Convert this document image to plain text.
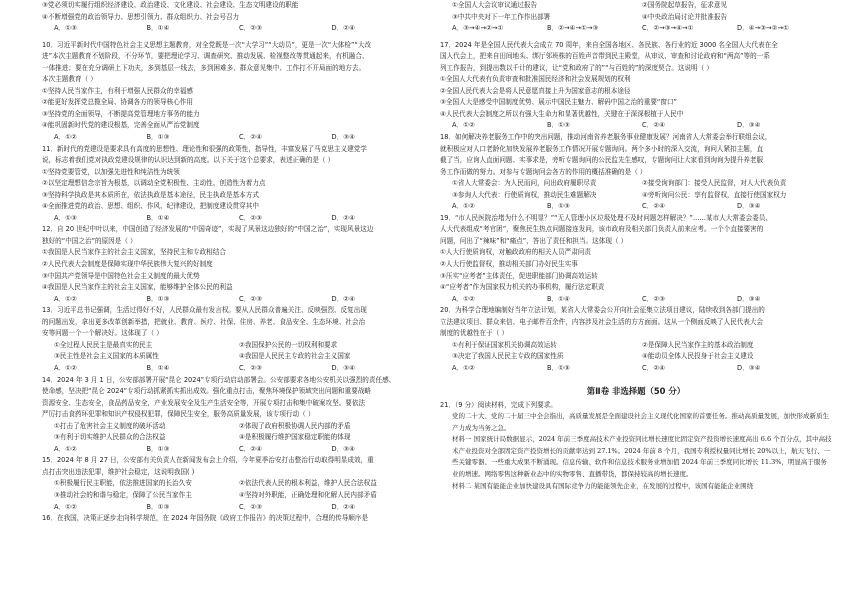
③党必须切实履行组织经济建设、政治建设、文化建设、社会建设、生态文明建设的职能
④不断增强党的政治领导力、思想引领力、群众组织力、社会号召力
A．①③	B．①④	C．②③	D．②④
10．习近平新时代中国特色社会主义思想主题教育，对全党既是一次“大学习”“大动员”，更是一次“大体检”“大改
进”本次主题教育不划阶段，不分环节，要把理论学习、调查研究、推动发展、检视整改等贯通起来，有机融合、
一体推进；要在充分调研上下功夫，多到基层一线去，多到困难多、群众意见集中、工作打不开局面的地方去。
本次主题教育（ ）
①坚持人民当家作主，有利于增强人民群众的幸福感
②能更好发挥党总揽全局、协调各方的领导核心作用
③坚持党的全面领导，不断提高党管理地方事务的能力
④能巩固新时代党的建设根基，完善全面从严治党制度
A．①②	B．①③	C．②④	D．③④
11．新时代的党建设是要求具有高度的思想性、理论性和很强的政策性，指导性，丰富发展了马克思主义建党学
说，标志着我们党对执政党建设规律的认识达到新的高度。以下关于这个总要求，表述正确的是（ ）
①坚持党要管党，以加强先进性和纯洁性为统领
②以坚定理想信念宗旨为根基，以调动全党积极性、主动性、创造性为着力点
③坚持科学执政是其本质所在，依法执政是基本途径，民主执政是基本方式
④全面推进党的政治、思想、组织、作风、纪律建设，把制度建设贯穿其中
A．①③	B．①④	C．②③	D．②④
12．自 20 世纪中叶以来，中国创造了经济发展的“中国奇迹”，实现了风景这边独好的“中国之治”，实现风景这边
独好的“中国之治”的原因是（ ）
①我国是人民当家作主的社会主义国家，坚持民主和专政相结合
②人民代表大会制度是保障实现中华民族伟大复兴的好制度
③中国共产党领导是中国特色社会主义制度的最大优势
④我国是人民当家作主的社会主义国家，能够维护全体公民的利益
A．①②	B．①③	C．②③	D．②④
13．习近平总书记强调，生活过得好不好，人民群众最有发言权。要从人民群众普遍关注、反映强烈、反复出现
的问题出发，拿出更多改革创新举措，把就业、教育、医疗、社保、住房、养老、食品安全、生态环境、社会治
安等问题一个一个解决好。这体现了（ ）
①全过程人民民主是最真实的民主	②我国保护公民的一切权利和要求
③民主性是社会主义国家的本质属性	④我国是人民民主专政的社会主义国家
A．①②	B．①④	C．②③	D．③④
14．2024 年 3 月 1 日，公安部部署开展“昆仑 2024”专项行动启动部署会。公安部要求各地公安机关以强烈的责任感、
使命感，坚决把“昆仑 2024”专项行动抓紧抓实抓出成效。强化重点打击，聚焦环境保护领域突出问题和重要战略
资源安全、生态安全，食品药品安全，产业发展安全及生产生活安全等，开展专项打击和集中破案攻坚。要依法
严厉打击食药环犯罪和知识产权侵权犯罪，保障民生安全，服务高质量发展，该专项行动（ ）
①打击了危害社会主义制度的破坏活动	②体现了政府积极协调人民内部的矛盾
③有利于切实维护人民群众的合法权益	④是积极履行维护国家稳定职能的体现
A．①②	B．①③	C．②④	D．③④
15．2024 年 8 月 27 日，公安部有关负责人在新闻发布会上介绍，今年夏季治安打击整治行动取得明显成效，重
点打击突出违法犯罪，维护社会稳定，这说明我国( )
①积极履行民主职能，依法推进国家的长治久安	②依法代表人民的根本利益，维护人民合法权益
③推动社会的和谐与稳定，保障了公民当家作主	④坚持对外职能，正确处理和化解人民内部矛盾
A．①②	B．①③	C．②③	D．②④
16．在我国，决策正逐步走向科学规范，在 2024 年国务院《政府工作报告》的决策过程中，合理的传导顺序是
①全国人大会议审议通过报告	②国务院起草报告，征求意见
③中共中央对下一年工作作出部署	④中央政治局讨论并批准报告
A．③→④→②→①	B．②→④→①→③	C．②→③→④→①	D．④→③→②→①
17．2024 年是全国人民代表大会成立 70 周年，来自全国各地区、各民族、各行业的近 3000 名全国人大代表在全
国人代会上，把来自田间地头、绑厅邻班株的百姓声音带到民主殿堂，从审议、审查和讨论政府和“两高”等的一系
列工作报告，到提出数以千计的建议，让“党和政府了的”“与百姓的”的深度契合。这说明（ ）
①全国人大代表有负责审查和批准国民经济和社会发展规划的权利
②全国人民代表大会是将人民意愿真接上升为国家意志的根本途径
③全国人大是感受中国制度优势、展示中国民主魅力、解码中国之治的重要“窗口”
④人民代表大会制度之所以有强大生命力和显著优越性，关键在于深深根植于人民中
A．①②	B．①③	C．②④	D．③④
18．如何解决养老服务工作中的突出问题，推动河南省养老服务事业健康发展？河南省人大常委会举行联组会议，
就积极应对人口老龄化加快发展养老服务工作情况开展专题询问。两个多小时的深入交流，询问人紧扣主题，直
截了当，应询人直面问题、实事求是，旁听专题询问的公民监先生感叹，专题询问让大家看到询询为提升养老服
务工作而做的努力。对参与专题询问会各方的作用的概括准确的是（ ）
①省人大常委会：为人民而问，问出政府履职尽责	②接受询询部门：接受人民监督，对人大代表负责
③参询人大代表：行使质询权，推动民生难题解决	④旁听询问公民：享有监督权，直接行使国家权力
A．①②	B．①③	C．②④	D．③④
19．“市人民医院治堵为什么不明显？”“无人管理小区垃圾处理不及时问题怎样解决？”……某市人大常委会委员、
人大代表组成“考官团”，聚焦民生热点问题接连发问，该市政府及相关部门负责人前来应考。一个个直接要害的
问题，问出了“辣味”和“痛点”，答出了责任和担当。这体现（ ）
①人大行使质询权，对触政政府的相关人员严肃问责
②人大行使监督权，推动相关部门办好民生实事
③压实“应考者”主体责任，促进职能部门协调高效运转
④“应考者”作为国家权力机关的办事机构，履行法定职责
A．①②	B．①④	C．②③	D．③④
20．为科学合理地编制好当年立法计划，某省人大常委会公开向社会征集立法项目建议，陆续收到各部门提出的
立法建议项目、群众来信、电子邮件百余件，内容涉及社会生活的方方面面。这从一个侧面反映了人民代表大会
制度的优越性在于（ ）
①有利于保证国家机关协调高效运转	②是保障人民当家作主的基本政治制度
③决定了我国人民民主专政的国家性质	④能动员全体人民投身于社会主义建设
A．①②	B．①③	C．②④	D．③④
第Ⅱ卷 非选择题（50 分）
21．（9 分）阅读材料，完成下列要求。

党的二十大、党的二十届三中全会指出，高质量发展是全面建设社会主义现代化国家的首要任务。推动高质量发展，加快形成新质生产力成为当务之急。

材料一 国家统计局数据显示，2024 年前三季度高技术产业投资同比增长速度比固定资产投资增长速度高出 6.6 个百分点，其中高技术产业投资对全部固定资产投资增长的贡献率达到 27.1%。2024 年前 8 个月，我国专利授权量同比增长 20%以上，航天飞行、一些关键零器、一些重大成果不断涌现。信息传输、软件和信息技术服务业增加值 2024 年前三季度同比增长 11.3%，明显高于服务业的增速。网络零售这种新业态中的实物零售、直播带货，都保持较高的增长速度。

材料二 某国有能能企业加快建设具有国际竞争力的能能领先企业，在发展的过程中，该国有能能企业围绕
